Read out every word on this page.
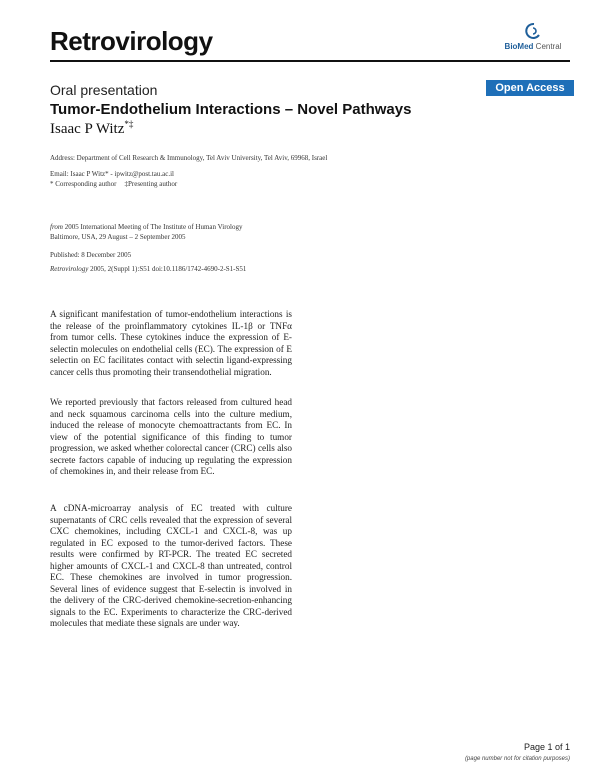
Retrovirology	BioMed Central
Oral presentation	Open Access
Tumor-Endothelium Interactions – Novel Pathways
Isaac P Witz*‡
Address: Department of Cell Research & Immunology, Tel Aviv University, Tel Aviv, 69968, Israel
Email: Isaac P Witz* - ipwitz@post.tau.ac.il
* Corresponding author ‡Presenting author
from 2005 International Meeting of The Institute of Human Virology
Baltimore, USA, 29 August – 2 September 2005
Published: 8 December 2005
Retrovirology 2005, 2(Suppl 1):S51 doi:10.1186/1742-4690-2-S1-S51

A significant manifestation of tumor-endothelium interactions is the release of the proinflammatory cytokines IL-1β or TNFα from tumor cells. These cytokines induce the expression of E-selectin molecules on endothelial cells (EC). The expression of E selectin on EC facilitates contact with selectin ligand-expressing cancer cells thus promoting their transendothelial migration.

We reported previously that factors released from cultured head and neck squamous carcinoma cells into the culture medium, induced the release of monocyte chemoattractants from EC. In view of the potential significance of this finding to tumor progression, we asked whether colorectal cancer (CRC) cells also secrete factors capable of inducing up regulating the expression of chemokines in, and their release from EC.

A cDNA-microarray analysis of EC treated with culture supernatants of CRC cells revealed that the expression of several CXC chemokines, including CXCL-1 and CXCL-8, was up regulated in EC exposed to the tumor-derived factors. These results were confirmed by RT-PCR. The treated EC secreted higher amounts of CXCL-1 and CXCL-8 than untreated, control EC. These chemokines are involved in tumor progression. Several lines of evidence suggest that E-selectin is involved in the delivery of the CRC-derived chemokine-secretion-enhancing signals to the EC. Experiments to characterize the CRC-derived molecules that mediate these signals are under way.

Page 1 of 1
(page number not for citation purposes)
